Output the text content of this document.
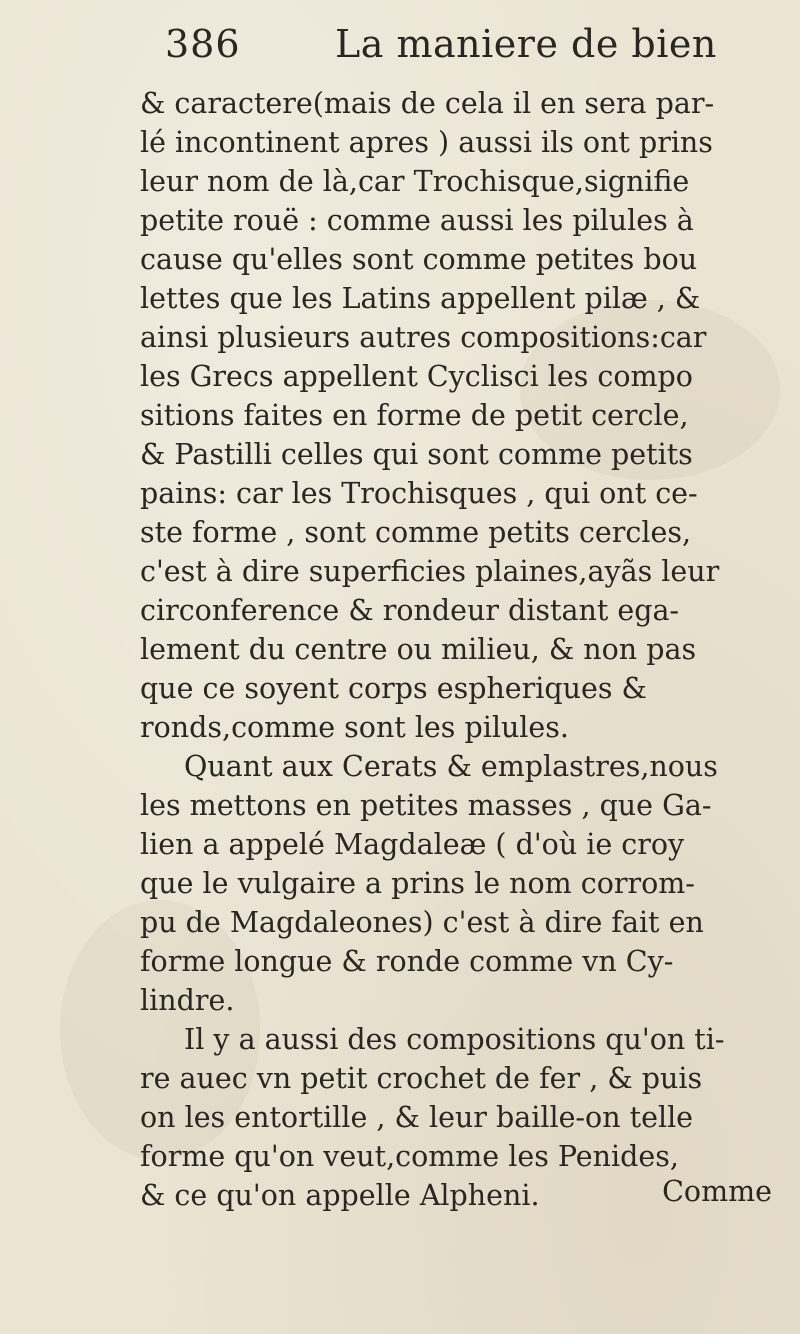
386 La maniere de bien
& caractere(mais de cela il en sera par-
lé incontinent apres ) aussi ils ont prins
leur nom de là,car Trochisque,signifie
petite rouë : comme aussi les pilules à
cause qu'elles sont comme petites bou
lettes que les Latins appellent pilæ , &
ainsi plusieurs autres compositions:car
les Grecs appellent Cyclisci les compo
sitions faites en forme de petit cercle,
& Pastilli celles qui sont comme petits
pains: car les Trochisques , qui ont ce-
ste forme , sont comme petits cercles,
c'est à dire superficies plaines,ayãs leur
circonference & rondeur distant ega-
lement du centre ou milieu, & non pas
que ce soyent corps espheriques &
ronds,comme sont les pilules.
Quant aux Cerats & emplastres,nous
les mettons en petites masses , que Ga-
lien a appelé Magdaleæ ( d'où ie croy
que le vulgaire a prins le nom corrom-
pu de Magdaleones) c'est à dire fait en
forme longue & ronde comme vn Cy-
lindre.
Il y a aussi des compositions qu'on ti-
re auec vn petit crochet de fer , & puis
on les entortille , & leur baille-on telle
forme qu'on veut,comme les Penides,
& ce qu'on appelle Alpheni.	Comme
